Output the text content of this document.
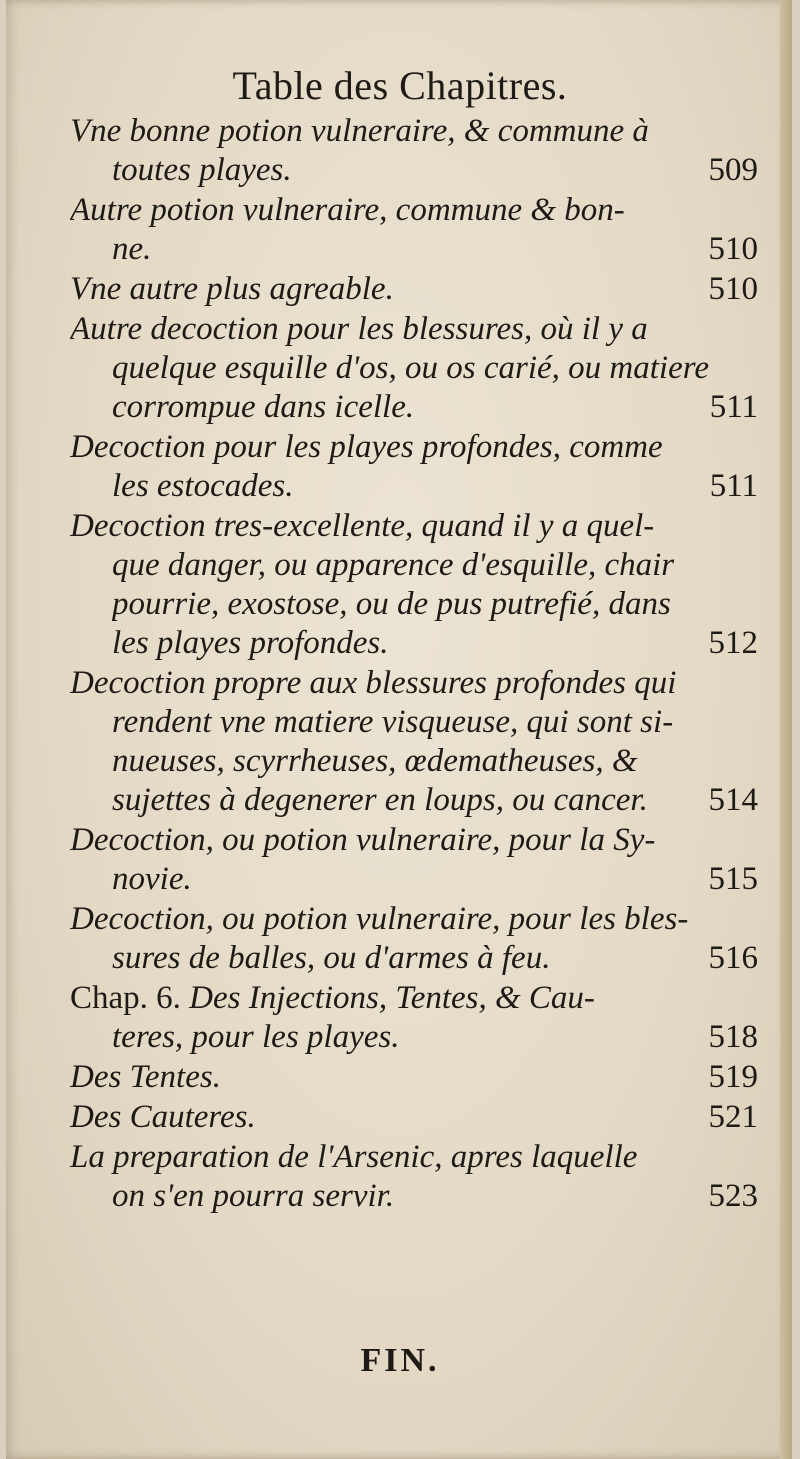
Table des Chapitres.
Vne bonne potion vulneraire, & commune à
toutes playes.	509
Autre potion vulneraire, commune & bon-
ne.	510
Vne autre plus agreable.	510
Autre decoction pour les blessures, où il y a
quelque esquille d'os, ou os carié, ou matiere
corrompue dans icelle.	511
Decoction pour les playes profondes, comme
les estocades.	511
Decoction tres-excellente, quand il y a quel-
que danger, ou apparence d'esquille, chair
pourrie, exostose, ou de pus putrefié, dans
les playes profondes.	512
Decoction propre aux blessures profondes qui
rendent vne matiere visqueuse, qui sont si-
nueuses, scyrrheuses, œdematheuses, &
sujettes à degenerer en loups, ou cancer.	514
Decoction, ou potion vulneraire, pour la Sy-
novie.	515
Decoction, ou potion vulneraire, pour les bles-
sures de balles, ou d'armes à feu.	516
Chap. 6. Des Injections, Tentes, & Cau-
teres, pour les playes.	518
Des Tentes.	519
Des Cauteres.	521
La preparation de l'Arsenic, apres laquelle
on s'en pourra servir.	523
FIN.
